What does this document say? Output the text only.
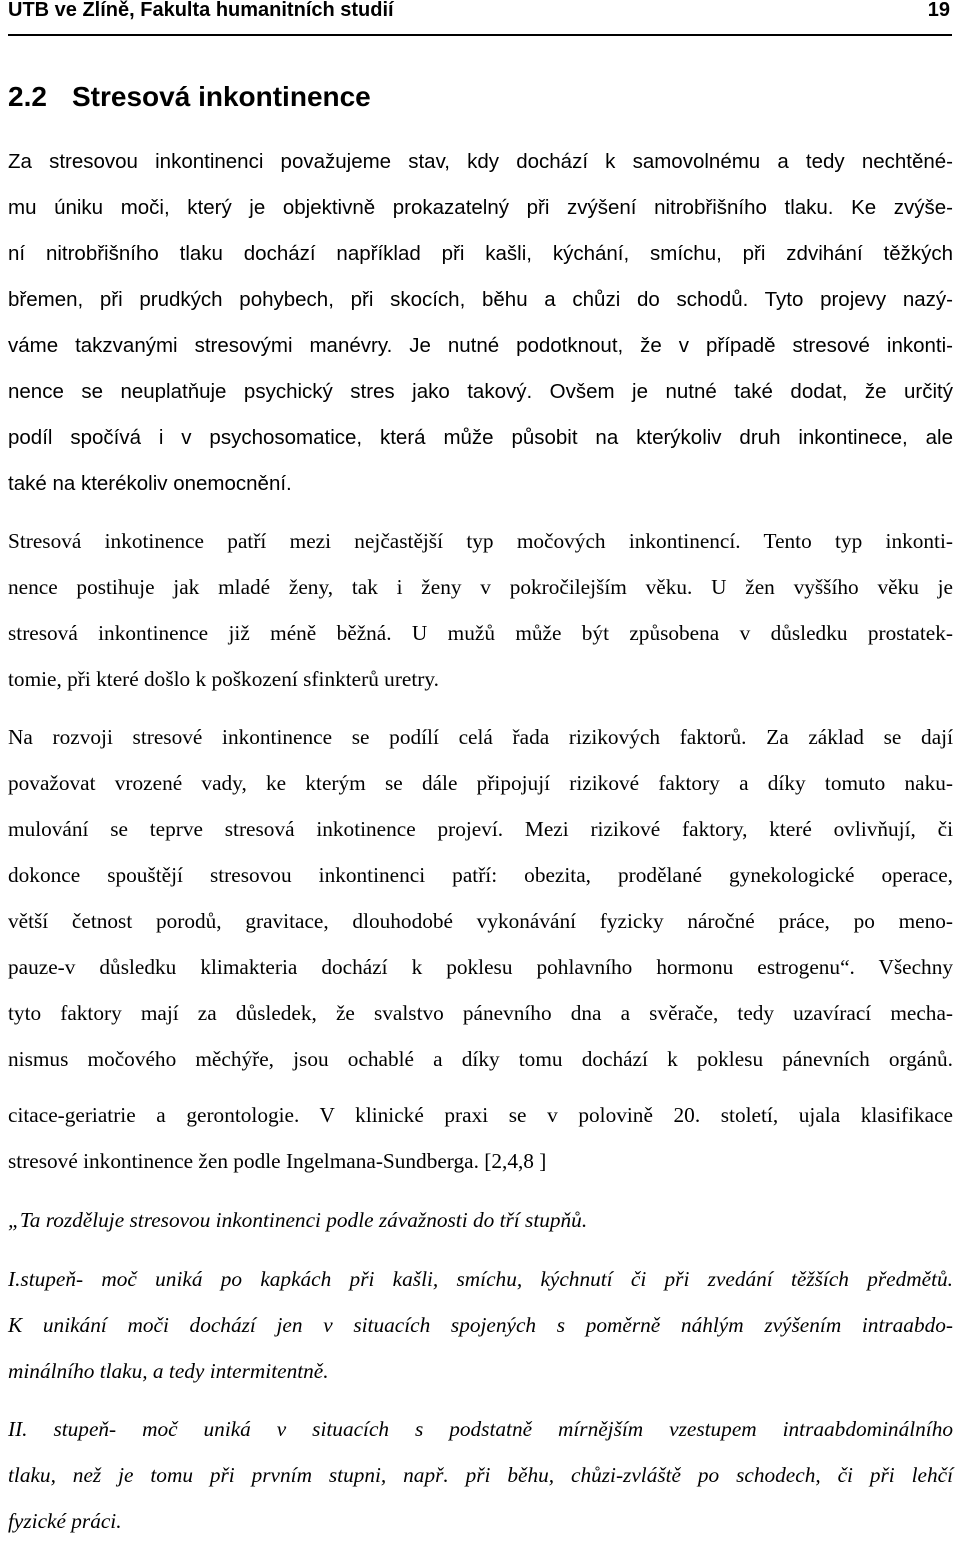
UTB ve Zlíně, Fakulta humanitních studií	19
2.2 Stresová inkontinence
Za stresovou inkontinenci považujeme stav, kdy dochází k samovolnému a tedy nechtěné-
mu úniku moči, který je objektivně prokazatelný při zvýšení nitrobřišního tlaku. Ke zvýše-
ní nitrobřišního tlaku dochází například při kašli, kýchání, smíchu, při zdvihání těžkých
břemen, při prudkých pohybech, při skocích, běhu a chůzi do schodů. Tyto projevy nazý-
váme takzvanými stresovými manévry. Je nutné podotknout, že v případě stresové inkonti-
nence se neuplatňuje psychický stres jako takový. Ovšem je nutné také dodat, že určitý
podíl spočívá i v psychosomatice, která může působit na kterýkoliv druh inkontinece, ale
také na kterékoliv onemocnění.
Stresová inkotinence patří mezi nejčastější typ močových inkontinencí. Tento typ inkonti-
nence postihuje jak mladé ženy, tak i ženy v pokročilejším věku. U žen vyššího věku je
stresová inkontinence již méně běžná. U mužů může být způsobena v důsledku prostatek-
tomie, při které došlo k poškození sfinkterů uretry.
Na rozvoji stresové inkontinence se podílí celá řada rizikových faktorů. Za základ se dají
považovat vrozené vady, ke kterým se dále připojují rizikové faktory a díky tomuto naku-
mulování se teprve stresová inkotinence projeví. Mezi rizikové faktory, které ovlivňují, či
dokonce spouštějí stresovou inkontinenci patří: obezita, prodělané gynekologické operace,
větší četnost porodů, gravitace, dlouhodobé vykonávání fyzicky náročné práce, po meno-
pauze-v důsledku klimakteria dochází k poklesu pohlavního hormonu estrogenu“. Všechny
tyto faktory mají za důsledek, že svalstvo pánevního dna a svěrače, tedy uzavírací mecha-
nismus močového měchýře, jsou ochablé a díky tomu dochází k poklesu pánevních orgánů.
citace-geriatrie a gerontologie. V klinické praxi se v polovině 20. století, ujala klasifikace
stresové inkontinence žen podle Ingelmana-Sundberga. [2,4,8 ]
„Ta rozděluje stresovou inkontinenci podle závažnosti do tří stupňů.
I.stupeň- moč uniká po kapkách při kašli, smíchu, kýchnutí či při zvedání těžších předmětů.
K unikání moči dochází jen v situacích spojených s poměrně náhlým zvýšením intraabdo-
minálního tlaku, a tedy intermitentně.
II. stupeň- moč uniká v situacích s podstatně mírnějším vzestupem intraabdominálního
tlaku, než je tomu při prvním stupni, např. při běhu, chůzi-zvláště po schodech, či při lehčí
fyzické práci.
